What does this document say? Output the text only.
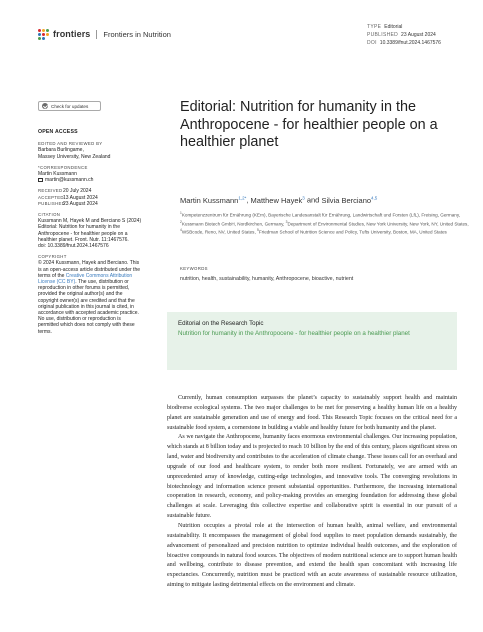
frontiers Frontiers in Nutrition
TYPE Editorial
PUBLISHED 23 August 2024
DOI 10.3389/fnut.2024.1467576
Check for updates
OPEN ACCESS
EDITED AND REVIEWED BY
Barbara Burlingame,
Massey University, New Zealand
*CORRESPONDENCE
Martin Kussmann
martin@kussmann.ch
RECEIVED20 July 2024
ACCEPTED13 August 2024
PUBLISHED23 August 2024
CITATION
Kussmann M, Hayek M and Berciano S (2024)
Editorial: Nutrition for humanity in the
Anthropocene - for healthier people on a
healthier planet. Front. Nutr. 11:1467576.
doi: 10.3389/fnut.2024.1467576
COPYRIGHT
© 2024 Kussmann, Hayek and Berciano. This
is an open-access article distributed under the
terms of the Creative Commons Attribution
License (CC BY). The use, distribution or
reproduction in other forums is permitted,
provided the original author(s) and the
copyright owner(s) are credited and that the
original publication in this journal is cited, in
accordance with accepted academic practice.
No use, distribution or reproduction is
permitted which does not comply with these
terms.
Editorial: Nutrition for humanity in the Anthropocene - for healthier people on a healthier planet
Martin Kussmann$^{1,2*}$, Matthew Hayek$^3$ and Silvia Berciano$^{4,5}$
$^1$Kompetenzzentrum für Ernährung (KErn), Bayerische Landesanstalt für Ernährung, Landwirtschaft und Forsten (LfL), Freising, Germany, $^2$Kussmann Biotech GmbH, Nordkirchen, Germany, $^3$Department of Environmental Studies, New York University, New York, NY, United States, $^4$WSBcode, Reno, NV, United States, $^5$Friedman School of Nutrition Science and Policy, Tufts University, Boston, MA, United States
KEYWORDS
nutrition, health, sustainability, humanity, Anthropocene, bioactive, nutrient
Editorial on the Research Topic
Nutrition for humanity in the Anthropocene - for healthier people on a healthier planet

Currently, human consumption surpasses the planet’s capacity to sustainably support health and maintain biodiverse ecological systems. The two major challenges to be met for preserving a healthy human life on a healthy planet are sustainable generation and use of energy and food. This Research Topic focuses on the critical need for a sustainable food system, a cornerstone in building a viable and healthy future for both humanity and the planet.

As we navigate the Anthropocene, humanity faces enormous environmental challenges. Our increasing population, which stands at 8 billion today and is projected to reach 10 billion by the end of this century, places significant stress on land, water and biodiversity and contributes to the acceleration of climate change. These issues call for an overhaul and upgrade of our food and healthcare system, to render both more resilient. Fortunately, we are armed with an unprecedented array of knowledge, cutting-edge technologies, and innovative tools. The converging revolutions in biotechnology and information science present substantial opportunities. Furthermore, the increasing international cooperation in research, economy, and policy-making provides an emerging foundation for addressing these global challenges at scale. Leveraging this collective expertise and collaborative spirit is essential in our pursuit of a sustainable future.

Nutrition occupies a pivotal role at the intersection of human health, animal welfare, and environmental sustainability. It encompasses the management of global food supplies to meet population demands sustainably, the advancement of personalized and precision nutrition to optimize individual health outcomes, and the exploration of bioactive compounds in natural food sources. The objectives of modern nutritional science are to support human health and wellbeing, contribute to disease prevention, and extend the health span concomitant with increasing life expectancies. Concurrently, nutrition must be practiced with an acute awareness of sustainable resource utilization, aiming to mitigate lasting detrimental effects on the environment and climate.
